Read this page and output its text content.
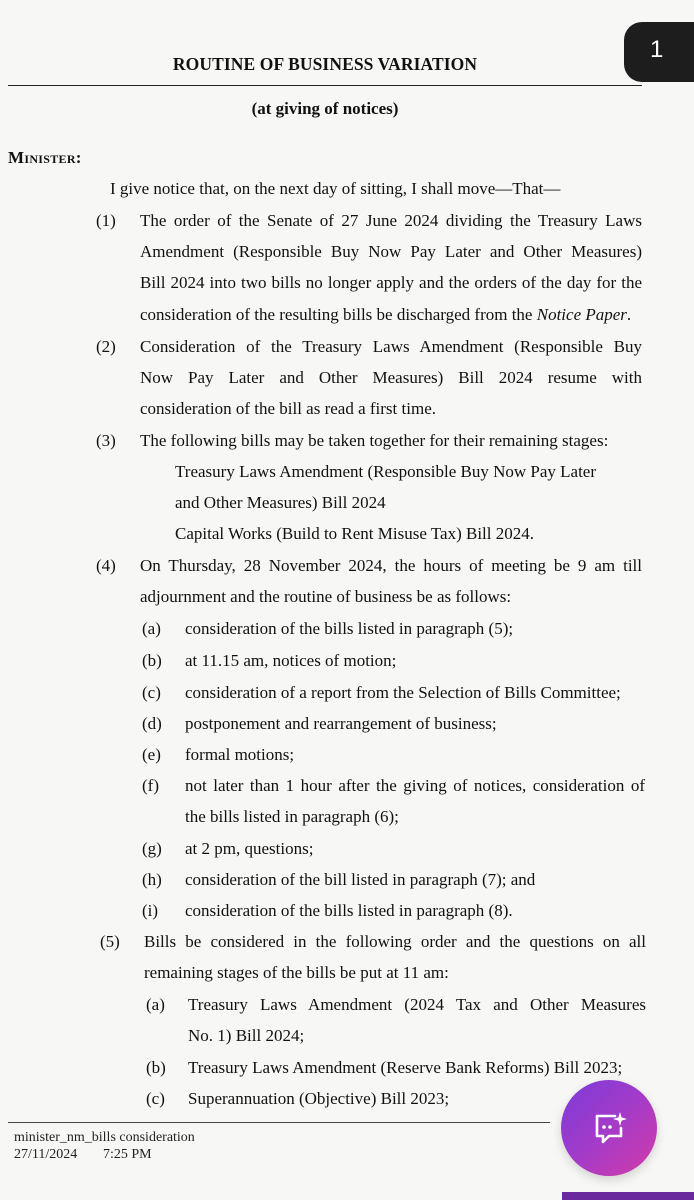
1
ROUTINE OF BUSINESS VARIATION
(at giving of notices)
Minister:
I give notice that, on the next day of sitting, I shall move—That—
(1) The order of the Senate of 27 June 2024 dividing the Treasury Laws
Amendment (Responsible Buy Now Pay Later and Other Measures)
Bill 2024 into two bills no longer apply and the orders of the day for the
consideration of the resulting bills be discharged from the Notice Paper.
(2) Consideration of the Treasury Laws Amendment (Responsible Buy
Now Pay Later and Other Measures) Bill 2024 resume with
consideration of the bill as read a first time.
(3) The following bills may be taken together for their remaining stages:
Treasury Laws Amendment (Responsible Buy Now Pay Later
and Other Measures) Bill 2024
Capital Works (Build to Rent Misuse Tax) Bill 2024.
(4) On Thursday, 28 November 2024, the hours of meeting be 9 am till
adjournment and the routine of business be as follows:
(a) consideration of the bills listed in paragraph (5);
(b) at 11.15 am, notices of motion;
(c) consideration of a report from the Selection of Bills Committee;
(d) postponement and rearrangement of business;
(e) formal motions;
(f) not later than 1 hour after the giving of notices, consideration of
the bills listed in paragraph (6);
(g) at 2 pm, questions;
(h) consideration of the bill listed in paragraph (7); and
(i) consideration of the bills listed in paragraph (8).
(5) Bills be considered in the following order and the questions on all
remaining stages of the bills be put at 11 am:
(a) Treasury Laws Amendment (2024 Tax and Other Measures
No. 1) Bill 2024;
(b) Treasury Laws Amendment (Reserve Bank Reforms) Bill 2023;
(c) Superannuation (Objective) Bill 2023;
minister_nm_bills consideration
27/11/2024 7:25 PM
